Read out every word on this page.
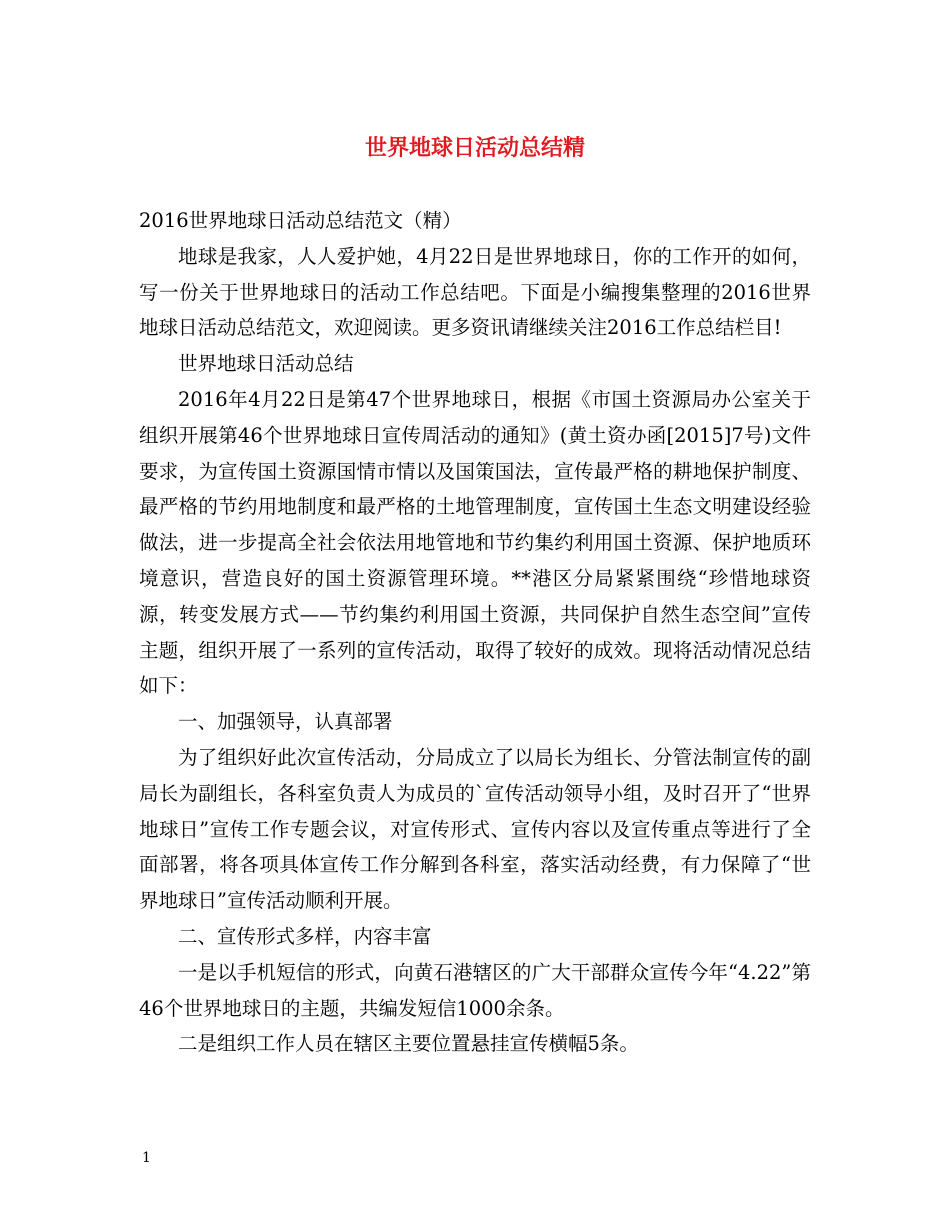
世界地球日活动总结精

2016世界地球日活动总结范文（精）

地球是我家，人人爱护她，4月22日是世界地球日，你的工作开的如何，写一份关于世界地球日的活动工作总结吧。下面是小编搜集整理的2016世界地球日活动总结范文，欢迎阅读。更多资讯请继续关注2016工作总结栏目!

世界地球日活动总结

2016年4月22日是第47个世界地球日，根据《市国土资源局办公室关于组织开展第46个世界地球日宣传周活动的通知》(黄土资办函[2015]7号)文件要求，为宣传国土资源国情市情以及国策国法，宣传最严格的耕地保护制度、最严格的节约用地制度和最严格的土地管理制度，宣传国土生态文明建设经验做法，进一步提高全社会依法用地管地和节约集约利用国土资源、保护地质环境意识，营造良好的国土资源管理环境。**港区分局紧紧围绕“珍惜地球资源，转变发展方式——节约集约利用国土资源，共同保护自然生态空间”宣传主题，组织开展了一系列的宣传活动，取得了较好的成效。现将活动情况总结如下：

一、加强领导，认真部署

为了组织好此次宣传活动，分局成立了以局长为组长、分管法制宣传的副局长为副组长，各科室负责人为成员的`宣传活动领导小组，及时召开了“世界地球日”宣传工作专题会议，对宣传形式、宣传内容以及宣传重点等进行了全面部署，将各项具体宣传工作分解到各科室，落实活动经费，有力保障了“世界地球日”宣传活动顺利开展。

二、宣传形式多样，内容丰富

一是以手机短信的形式，向黄石港辖区的广大干部群众宣传今年“4.22”第46个世界地球日的主题，共编发短信1000余条。

二是组织工作人员在辖区主要位置悬挂宣传横幅5条。

1
